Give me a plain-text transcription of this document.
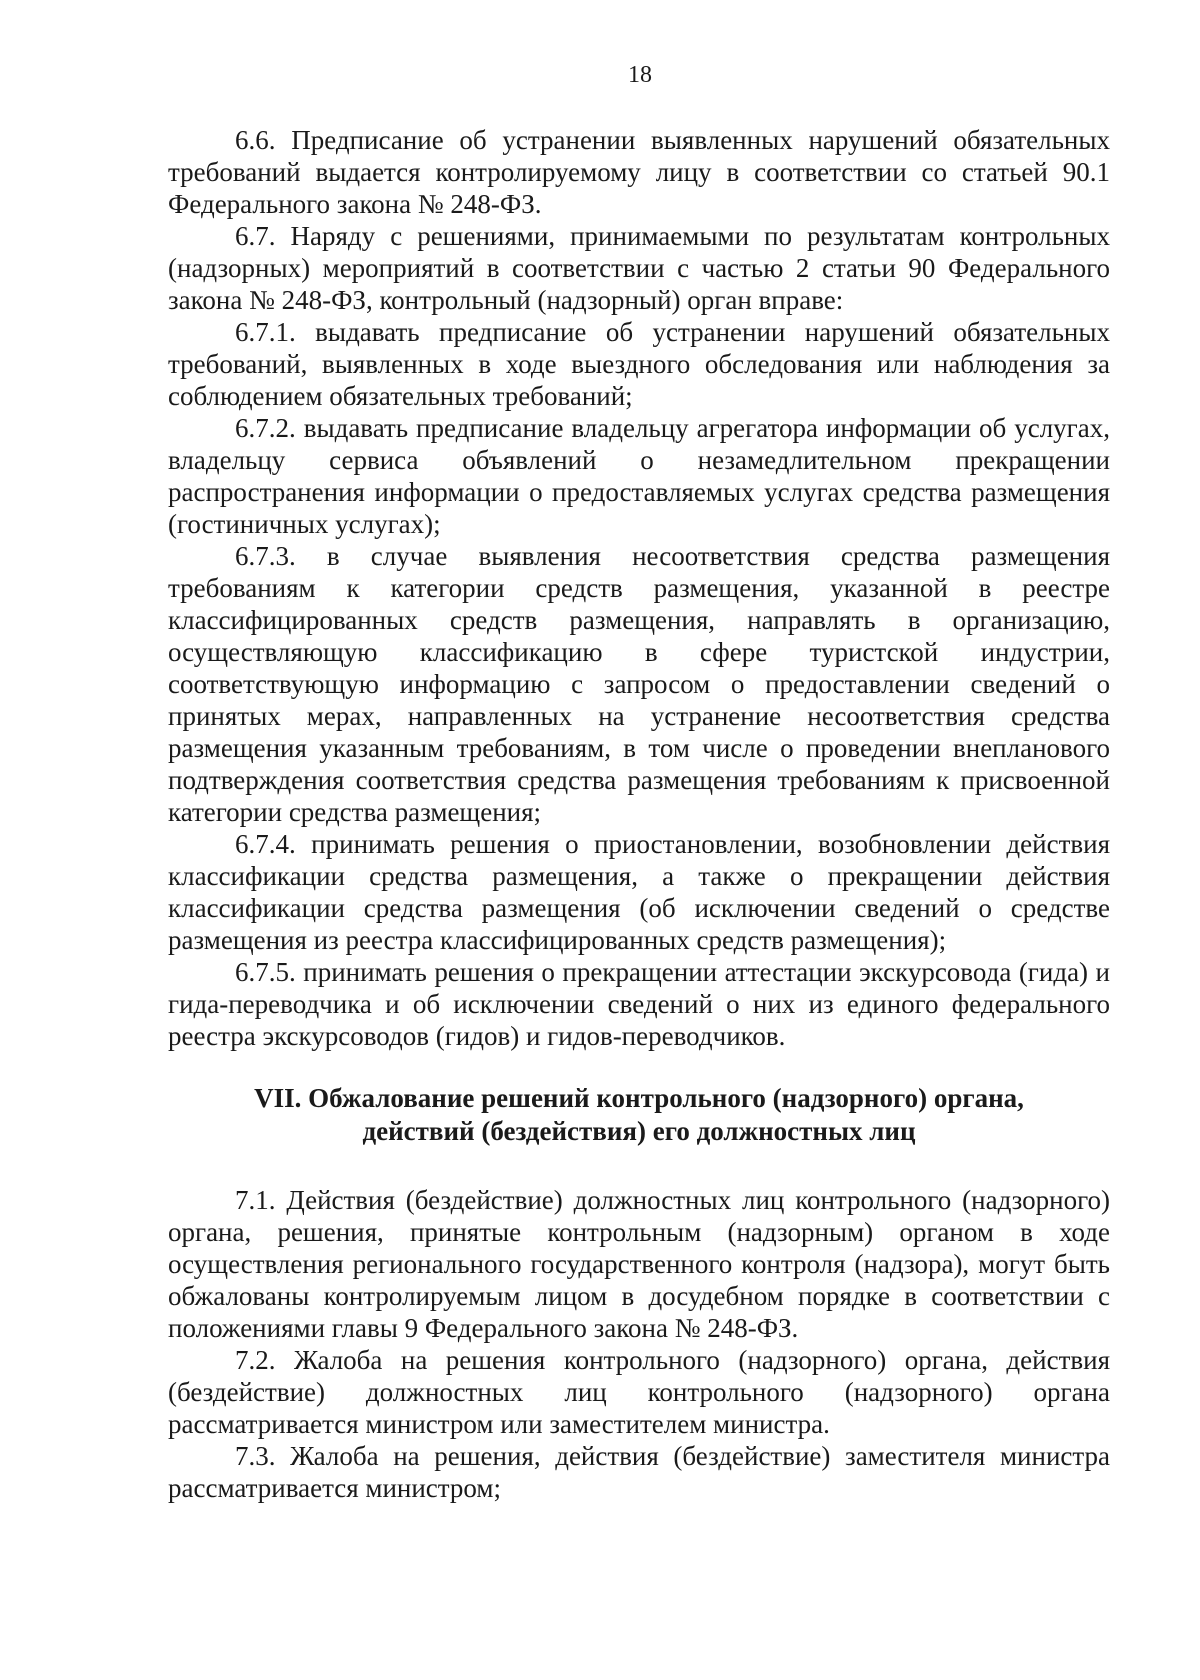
18

6.6. Предписание об устранении выявленных нарушений обязательных требований выдается контролируемому лицу в соответствии со статьей 90.1 Федерального закона № 248-ФЗ.

6.7. Наряду с решениями, принимаемыми по результатам контрольных (надзорных) мероприятий в соответствии с частью 2 статьи 90 Федерального закона № 248-ФЗ, контрольный (надзорный) орган вправе:

6.7.1. выдавать предписание об устранении нарушений обязательных требований, выявленных в ходе выездного обследования или наблюдения за соблюдением обязательных требований;

6.7.2. выдавать предписание владельцу агрегатора информации об услугах, владельцу сервиса объявлений о незамедлительном прекращении распространения информации о предоставляемых услугах средства размещения (гостиничных услугах);

6.7.3. в случае выявления несоответствия средства размещения требованиям к категории средств размещения, указанной в реестре классифицированных средств размещения, направлять в организацию, осуществляющую классификацию в сфере туристской индустрии, соответствующую информацию с запросом о предоставлении сведений о принятых мерах, направленных на устранение несоответствия средства размещения указанным требованиям, в том числе о проведении внепланового подтверждения соответствия средства размещения требованиям к присвоенной категории средства размещения;

6.7.4. принимать решения о приостановлении, возобновлении действия классификации средства размещения, а также о прекращении действия классификации средства размещения (об исключении сведений о средстве размещения из реестра классифицированных средств размещения);

6.7.5. принимать решения о прекращении аттестации экскурсовода (гида) и гида-переводчика и об исключении сведений о них из единого федерального реестра экскурсоводов (гидов) и гидов-переводчиков.

VII. Обжалование решений контрольного (надзорного) органа,
действий (бездействия) его должностных лиц

7.1. Действия (бездействие) должностных лиц контрольного (надзорного) органа, решения, принятые контрольным (надзорным) органом в ходе осуществления регионального государственного контроля (надзора), могут быть обжалованы контролируемым лицом в досудебном порядке в соответствии с положениями главы 9 Федерального закона № 248-ФЗ.

7.2. Жалоба на решения контрольного (надзорного) органа, действия (бездействие) должностных лиц контрольного (надзорного) органа рассматривается министром или заместителем министра.

7.3. Жалоба на решения, действия (бездействие) заместителя министра рассматривается министром;
